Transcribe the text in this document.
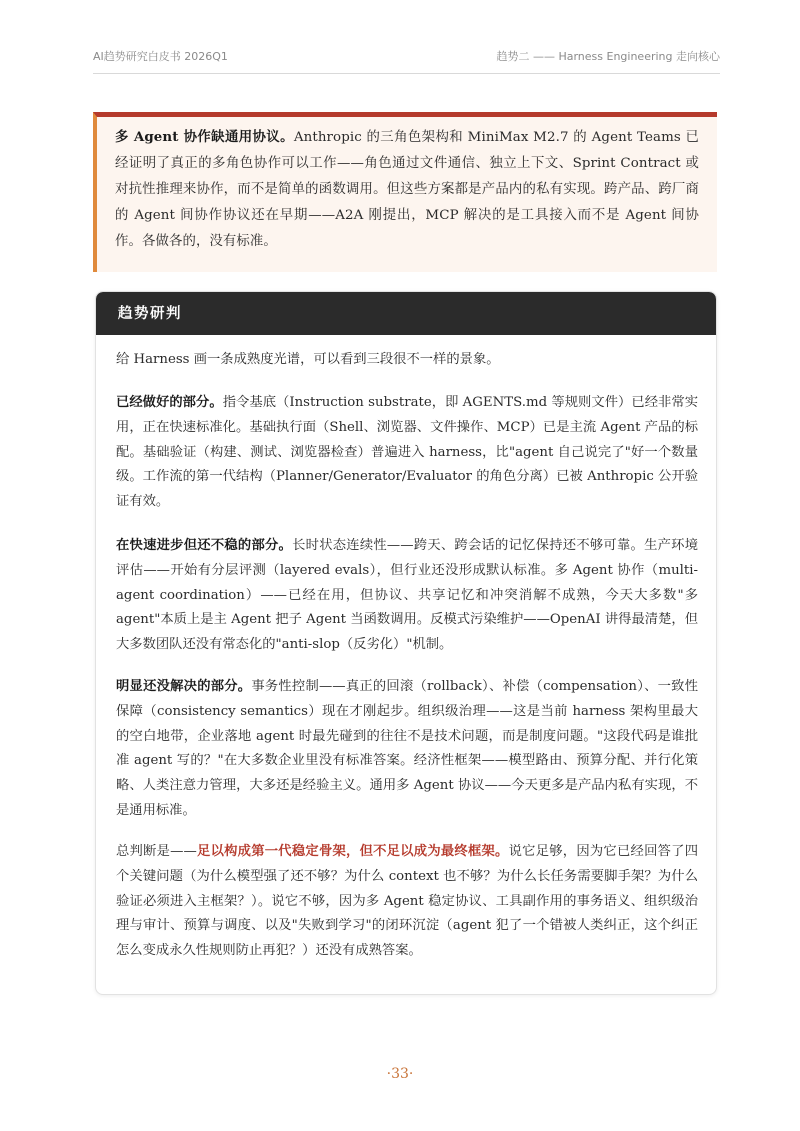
AI趋势研究白皮书 2026Q1	趋势二 —— Harness Engineering 走向核心
多 Agent 协作缺通用协议。Anthropic 的三角色架构和 MiniMax M2.7 的 Agent Teams 已经证明了真正的多角色协作可以工作——角色通过文件通信、独立上下文、Sprint Contract 或对抗性推理来协作，而不是简单的函数调用。但这些方案都是产品内的私有实现。跨产品、跨厂商的 Agent 间协作协议还在早期——A2A 刚提出，MCP 解决的是工具接入而不是 Agent 间协作。各做各的，没有标准。
趋势研判
给 Harness 画一条成熟度光谱，可以看到三段很不一样的景象。
已经做好的部分。指令基底（Instruction substrate，即 AGENTS.md 等规则文件）已经非常实用，正在快速标准化。基础执行面（Shell、浏览器、文件操作、MCP）已是主流 Agent 产品的标配。基础验证（构建、测试、浏览器检查）普遍进入 harness，比"agent 自己说完了"好一个数量级。工作流的第一代结构（Planner/Generator/Evaluator 的角色分离）已被 Anthropic 公开验证有效。
在快速进步但还不稳的部分。长时状态连续性——跨天、跨会话的记忆保持还不够可靠。生产环境评估——开始有分层评测（layered evals），但行业还没形成默认标准。多 Agent 协作（multi-agent coordination）——已经在用，但协议、共享记忆和冲突消解不成熟，今天大多数"多 agent"本质上是主 Agent 把子 Agent 当函数调用。反模式污染维护——OpenAI 讲得最清楚，但大多数团队还没有常态化的"anti-slop（反劣化）"机制。
明显还没解决的部分。事务性控制——真正的回滚（rollback）、补偿（compensation）、一致性保障（consistency semantics）现在才刚起步。组织级治理——这是当前 harness 架构里最大的空白地带，企业落地 agent 时最先碰到的往往不是技术问题，而是制度问题。"这段代码是谁批准 agent 写的？"在大多数企业里没有标准答案。经济性框架——模型路由、预算分配、并行化策略、人类注意力管理，大多还是经验主义。通用多 Agent 协议——今天更多是产品内私有实现，不是通用标准。
总判断是——足以构成第一代稳定骨架，但不足以成为最终框架。说它足够，因为它已经回答了四个关键问题（为什么模型强了还不够？为什么 context 也不够？为什么长任务需要脚手架？为什么验证必须进入主框架？）。说它不够，因为多 Agent 稳定协议、工具副作用的事务语义、组织级治理与审计、预算与调度、以及"失败到学习"的闭环沉淀（agent 犯了一个错被人类纠正，这个纠正怎么变成永久性规则防止再犯？）还没有成熟答案。
·33·
